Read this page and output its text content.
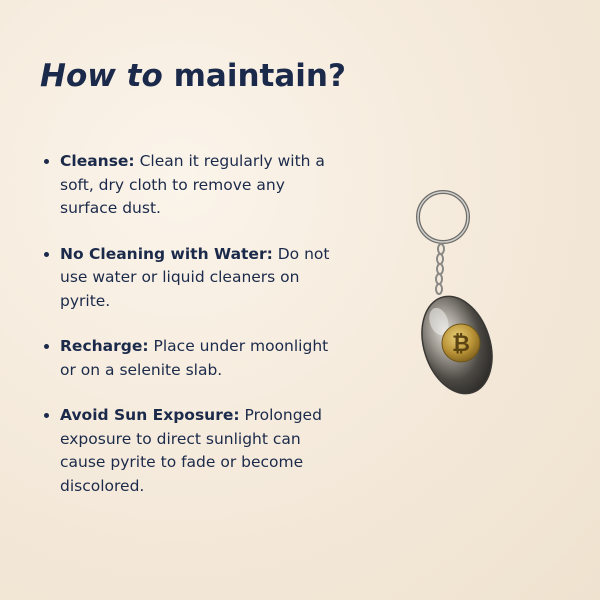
How to maintain?
Cleanse: Clean it regularly with a soft, dry cloth to remove any surface dust.
No Cleaning with Water: Do not use water or liquid cleaners on pyrite.
Recharge: Place under moonlight or on a selenite slab.
Avoid Sun Exposure: Prolonged exposure to direct sunlight can cause pyrite to fade or become discolored.
₿
